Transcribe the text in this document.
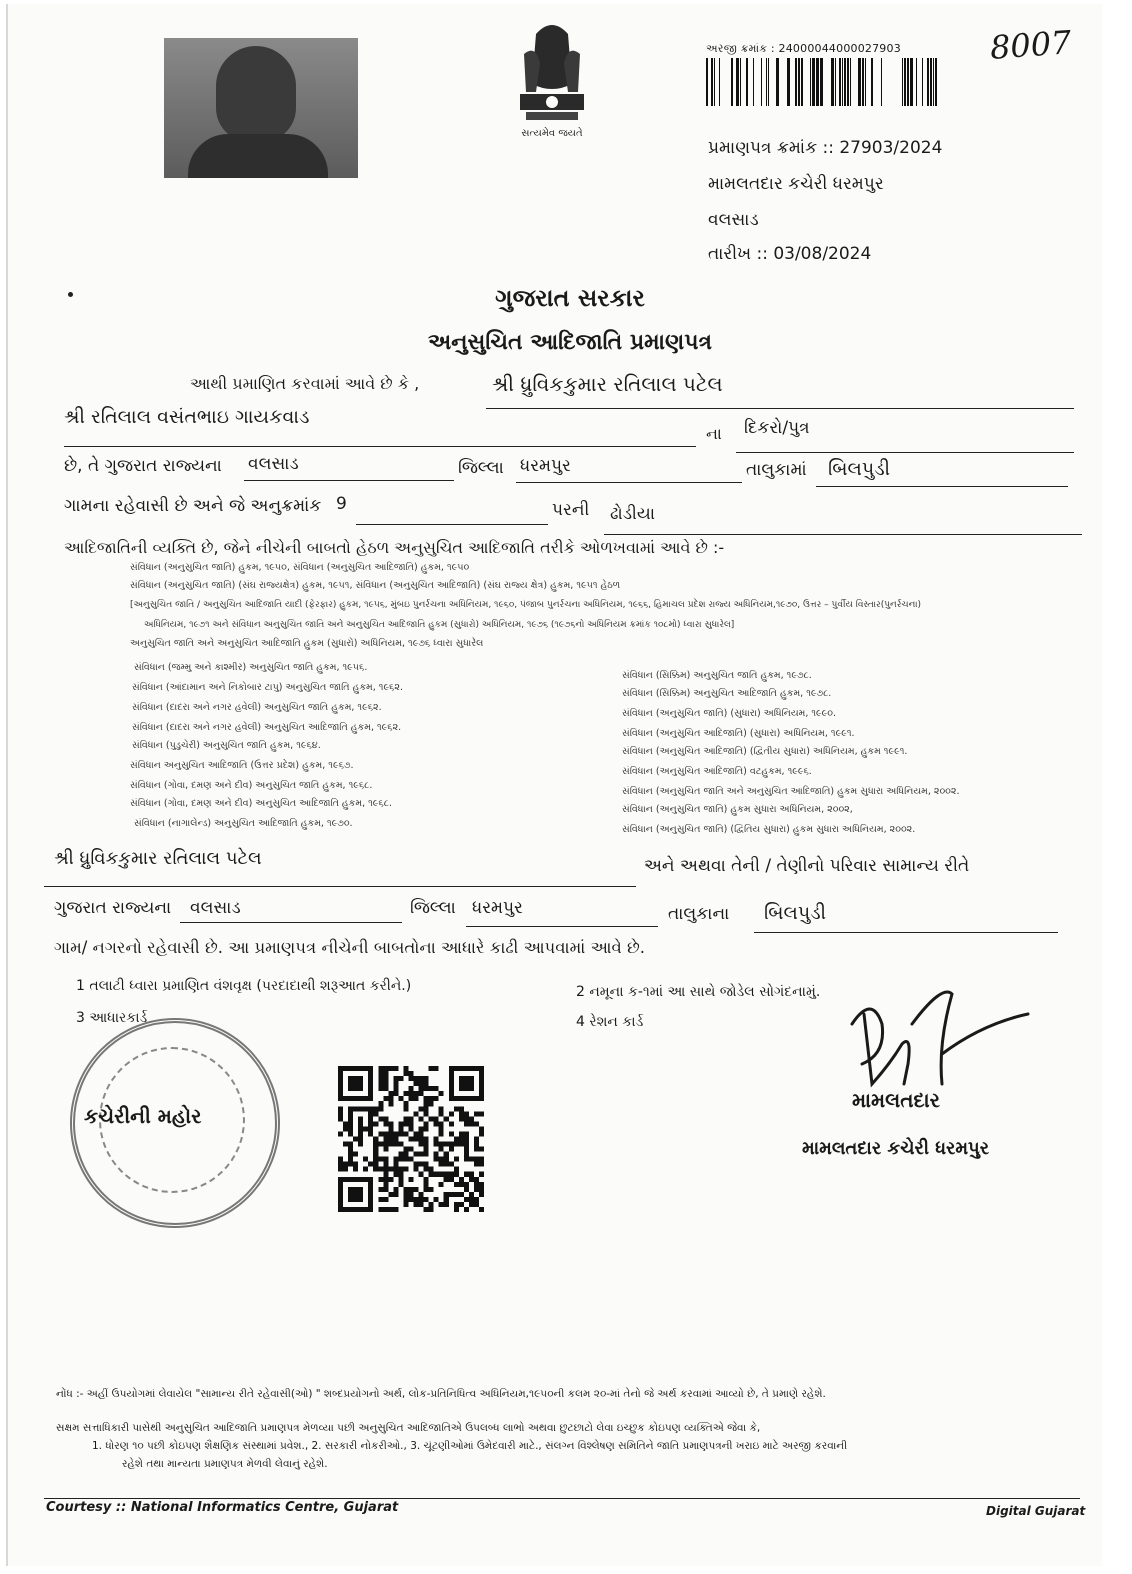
સત્યમેવ જયતે
અરજી ક્રમાંક : 24000044000027903	8007
પ્રમાણપત્ર ક્રમાંક :: 27903/2024
મામલતદાર કચેરી ધરમપુર
વલસાડ
તારીખ :: 03/08/2024
ગુજરાત સરકાર
અનુસુચિત આદિજાતિ પ્રમાણપત્ર
આથી પ્રમાણિત કરવામાં આવે છે કે ,	શ્રી ધ્રુવિકકુમાર રતિલાલ પટેલ
શ્રી રતિલાલ વસંતભાઇ ગાયકવાડ
ના દિકરો/પુત્ર
છે, તે ગુજરાત રાજ્યના વલસાડ	જિલ્લા ધરમપુર	તાલુકામાં બિલપુડી
ગામના રહેવાસી છે અને જે અનુક્રમાંક 9	પરની ઢોડીયા
આદિજાતિની વ્યક્તિ છે, જેને નીચેની બાબતો હેઠળ અનુસુચિત આદિજાતિ તરીકે ઓળખવામાં આવે છે :-
સંવિધાન (અનુસુચિત જાતિ) હુકમ, ૧૯૫૦, સંવિધાન (અનુસુચિત આદિજાતિ) હુકમ, ૧૯૫૦
સંવિધાન (અનુસુચિત જાતિ) (સંઘ રાજ્યક્ષેત્ર) હુકમ, ૧૯૫૧, સંવિધાન (અનુસુચિત આદિજાતિ) (સંઘ રાજ્ય ક્ષેત્ર) હુકમ, ૧૯૫૧ હેઠળ
[અનુસુચિત જાતિ / અનુસુચિત આદિજાતિ યાદી (ફેરફાર) હુકમ, ૧૯૫૬, મુંબઇ પુનર્રચના અધિનિયમ, ૧૯૬૦, પંજાબ પુનર્રચના અધિનિયમ, ૧૯૬૬, હિમાચલ પ્રદેશ રાજ્ય અધિનિયમ,૧૯૭૦, ઉત્તર – પુર્વીય વિસ્તાર(પુનર્રચના)
અધિનિયમ, ૧૯૭૧ અને સંવિધાન અનુસુચિત જાતિ અને અનુસુચિત આદિજાતિ હુકમ (સુધારો) અધિનિયમ, ૧૯૭૬ (૧૯૭૬નો અધિનિયમ ક્રમાંક ૧૦૮મો) ધ્વારા સુધારેલ]
અનુસુચિત જાતિ અને અનુસુચિત આદિજાતિ હુકમ (સુધારો) અધિનિયમ, ૧૯૭૬ ધ્વારા સુધારેલ
સંવિધાન (જમ્મુ અને કાશ્મીર) અનુસુચિત જાતિ હુકમ, ૧૯૫૬.
સંવિધાન (આંદામાન અને નિકોબાર ટાપુ) અનુસુચિત જાતિ હુકમ, ૧૯૬૨.
સંવિધાન (દાદરા અને નગર હવેલી) અનુસુચિત જાતિ હુકમ, ૧૯૬૨.
સંવિધાન (દાદરા અને નગર હવેલી) અનુસુચિત આદિજાતિ હુકમ, ૧૯૬૨.
સંવિધાન (પુડુચેરી) અનુસુચિત જાતિ હુકમ, ૧૯૬૪.
સંવિધાન અનુસુચિત આદિજાતિ (ઉત્તર પ્રદેશ) હુકમ, ૧૯૬૭.
સંવિધાન (ગોવા, દમણ અને દીવ) અનુસુચિત જાતિ હુકમ, ૧૯૬૮.
સંવિધાન (ગોવા, દમણ અને દીવ) અનુસુચિત આદિજાતિ હુકમ, ૧૯૬૮.
સંવિધાન (નાગાલેન્ડ) અનુસુચિત આદિજાતિ હુકમ, ૧૯૭૦.
સંવિધાન (સિક્કિમ) અનુસુચિત જાતિ હુકમ, ૧૯૭૮.
સંવિધાન (સિક્કિમ) અનુસુચિત આદિજાતિ હુકમ, ૧૯૭૮.
સંવિધાન (અનુસુચિત જાતિ) (સુધારા) અધિનિયમ, ૧૯૯૦.
સંવિધાન (અનુસુચિત આદિજાતિ) (સુધારા) અધિનિયમ, ૧૯૯૧.
સંવિધાન (અનુસુચિત આદિજાતિ) (દ્વિતીય સુધારા) અધિનિયમ, હુકમ ૧૯૯૧.
સંવિધાન (અનુસુચિત આદિજાતિ) વટહુકમ, ૧૯૯૬.
સંવિધાન (અનુસુચિત જાતિ અને અનુસુચિત આદિજાતિ) હુકમ સુધારા અધિનિયમ, ૨૦૦૨.
સંવિધાન (અનુસુચિત જાતિ) હુકમ સુધારા અધિનિયમ, ૨૦૦૨,
સંવિધાન (અનુસુચિત જાતિ) (દ્વિતિય સુધારા) હુકમ સુધારા અધિનિયમ, ૨૦૦૨.
શ્રી ધ્રુવિકકુમાર રતિલાલ પટેલ	અને અથવા તેની / તેણીનો પરિવાર સામાન્ય રીતે
ગુજરાત રાજ્યના વલસાડ	જિલ્લા ધરમપુર	તાલુકાના બિલપુડી
ગામ/ નગરનો રહેવાસી છે. આ પ્રમાણપત્ર નીચેની બાબતોના આધારે કાઢી આપવામાં આવે છે.
1 તલાટી ધ્વારા પ્રમાણિત વંશવૃક્ષ (પરદાદાથી શરૂઆત કરીને.)	2 નમૂના ક-૧માં આ સાથે જોડેલ સોગંદનામું.
3 આધારકાર્ડ	4 રેશન કાર્ડ
કચેરીની મહોર
મામલતદાર
મામલતદાર કચેરી ધરમપુર
નોંધ :- અહીં ઉપયોગમાં લેવાયેલ "સામાન્ય રીતે રહેવાસી(ઓ) " શબ્દપ્રયોગનો અર્થ, લોક-પ્રતિનિધિત્વ અધિનિયમ,૧૯૫૦ની કલમ ૨૦-માં તેનો જે અર્થ કરવામાં આવ્યો છે, તે પ્રમાણે રહેશે.
સક્ષમ સત્તાધિકારી પાસેથી અનુસુચિત આદિજાતિ પ્રમાણપત્ર મેળવ્યા પછી અનુસુચિત આદિજાતિએ ઉપલબ્ધ લાભો અથવા છુટછાટો લેવા ઇચ્છુક કોઇપણ વ્યક્તિએ જેવા કે,
1. ધોરણ ૧૦ પછી કોઇપણ શૈક્ષણિક સંસ્થામાં પ્રવેશ., 2. સરકારી નોકરીઓ., 3. ચૂંટણીઓમાં ઉમેદવારી માટે., સંલગ્ન વિશ્લેષણ સમિતિને જાતિ પ્રમાણપત્રની ખરાઇ માટે અરજી કરવાની
રહેશે તથા માન્યતા પ્રમાણપત્ર મેળવી લેવાનું રહેશે.
Courtesy :: National Informatics Centre, Gujarat	Digital Gujarat
